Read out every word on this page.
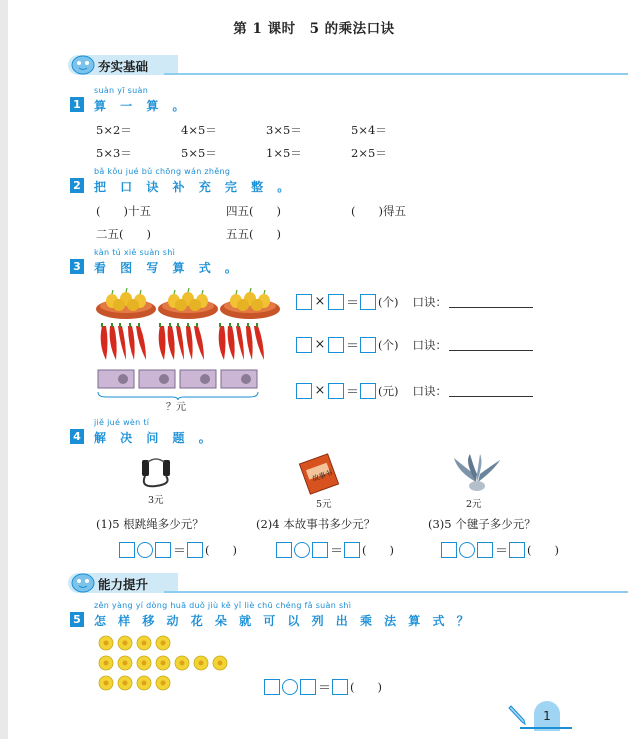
第 1 课时　5 的乘法口诀
夯实基础
suàn yī suàn
1 算 一 算 。
5×2＝	4×5＝	3×5＝	5×4＝
5×3＝	5×5＝	1×5＝	2×5＝
bǎ kǒu jué bǔ chōng wán zhěng
2 把 口 诀 补 充 完 整 。
(　　)十五	四五(　　)	(　　)得五
二五(　　)	五五(　　)
kàn tú xiě suàn shì
3 看 图 写 算 式 。
？元
× ＝ (个) 口诀：
× ＝ (个) 口诀：
× ＝ (元) 口诀：
jiě jué wèn tí
4 解 决 问 题 。
3元
故事书
5元	2元
(1)5 根跳绳多少元？	(2)4 本故事书多少元？	(3)5 个毽子多少元？
＝ (　　)	＝ (　　)	＝ (　　)
能力提升
zěn yàng yí dòng huā duǒ jiù kě yǐ liè chū chéng fǎ suàn shì
5 怎 样 移 动 花 朵 就 可 以 列 出 乘 法 算 式 ？
＝ (　　)
1
